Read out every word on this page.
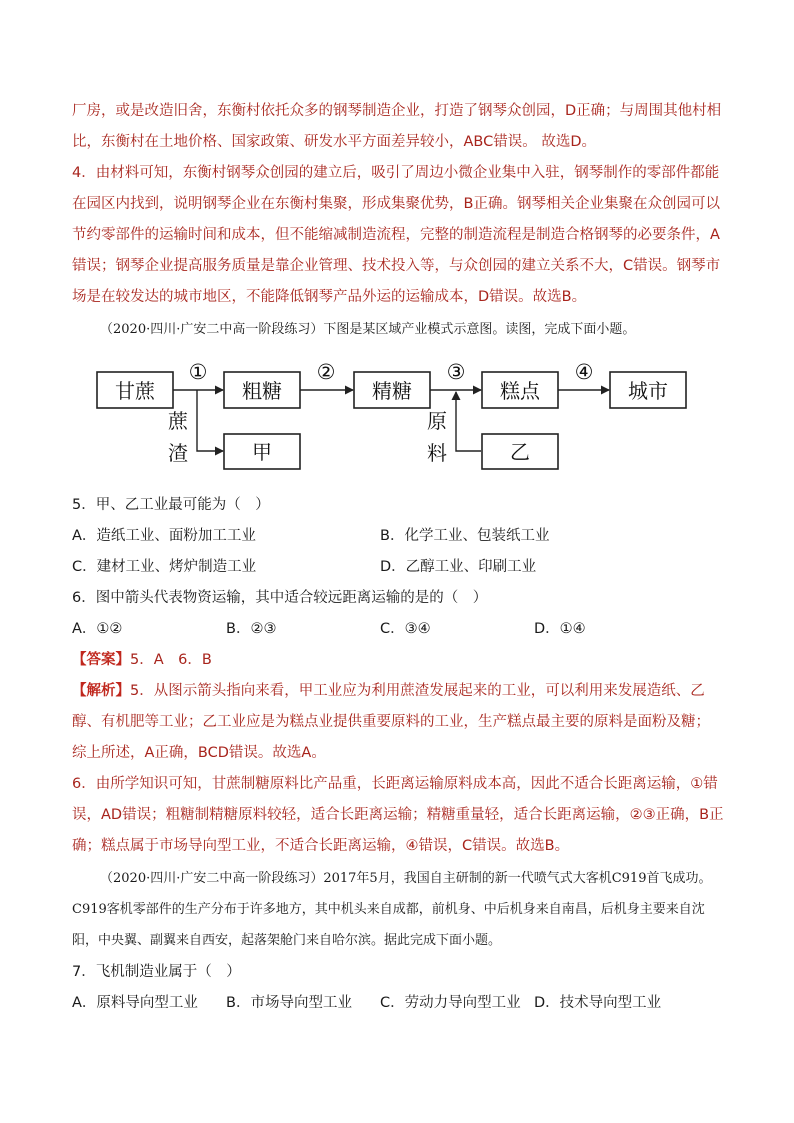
厂房，或是改造旧舍，东衡村依托众多的钢琴制造企业，打造了钢琴众创园，D正确；与周围其他村相比，东衡村在土地价格、国家政策、研发水平方面差异较小，ABC错误。 故选D。

4．由材料可知，东衡村钢琴众创园的建立后，吸引了周边小微企业集中入驻，钢琴制作的零部件都能在园区内找到，说明钢琴企业在东衡村集聚，形成集聚优势，B正确。钢琴相关企业集聚在众创园可以节约零部件的运输时间和成本，但不能缩减制造流程，完整的制造流程是制造合格钢琴的必要条件，A错误；钢琴企业提高服务质量是靠企业管理、技术投入等，与众创园的建立关系不大，C错误。钢琴市场是在较发达的城市地区，不能降低钢琴产品外运的运输成本，D错误。故选B。

（2020·四川·广安二中高一阶段练习）下图是某区域产业模式示意图。读图，完成下面小题。

甘蔗	粗糖	精糖	糕点	城市
甲	乙
①	②	③	④
蔗
渣
原
料
5．甲、乙工业最可能为（　）
A．造纸工业、面粉加工工业	B．化学工业、包装纸工业
C．建材工业、烤炉制造工业	D．乙醇工业、印刷工业
6．图中箭头代表物资运输，其中适合较远距离运输的是的（　）
A．①②	B．②③	C．③④	D．①④
【答案】5．A　6．B

【解析】5．从图示箭头指向来看，甲工业应为利用蔗渣发展起来的工业，可以利用来发展造纸、乙醇、有机肥等工业；乙工业应是为糕点业提供重要原料的工业，生产糕点最主要的原料是面粉及糖；综上所述，A正确，BCD错误。故选A。

6．由所学知识可知，甘蔗制糖原料比产品重，长距离运输原料成本高，因此不适合长距离运输，①错误，AD错误；粗糖制精糖原料较轻，适合长距离运输；精糖重量轻，适合长距离运输，②③正确，B正确；糕点属于市场导向型工业，不适合长距离运输，④错误，C错误。故选B。

（2020·四川·广安二中高一阶段练习）2017年5月，我国自主研制的新一代喷气式大客机C919首飞成功。C919客机零部件的生产分布于许多地方，其中机头来自成都，前机身、中后机身来自南昌，后机身主要来自沈阳，中央翼、副翼来自西安，起落架舱门来自哈尔滨。据此完成下面小题。

7．飞机制造业属于（　）
A．原料导向型工业 B．市场导向型工业 C．劳动力导向型工业 D．技术导向型工业
